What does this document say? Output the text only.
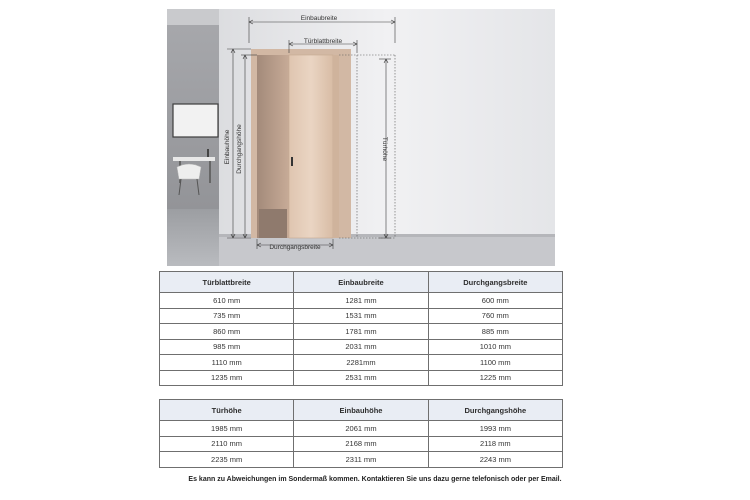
Einbaubreite
Türblattbreite
Durchgangsbreite
Einbauhöhe Durchgangshöhe	Türhöhe
Türblattbreite	Einbaubreite	Durchgangsbreite
610 mm	1281 mm	600 mm
735 mm	1531 mm	760 mm
860 mm	1781 mm	885 mm
985 mm	2031 mm	1010 mm
1110 mm	2281mm	1100 mm
1235 mm	2531 mm	1225 mm
Türhöhe	Einbauhöhe	Durchgangshöhe
1985 mm	2061 mm	1993 mm
2110 mm	2168 mm	2118 mm
2235 mm	2311 mm	2243 mm
Es kann zu Abweichungen im Sondermaß kommen. Kontaktieren Sie uns dazu gerne telefonisch oder per Email.
